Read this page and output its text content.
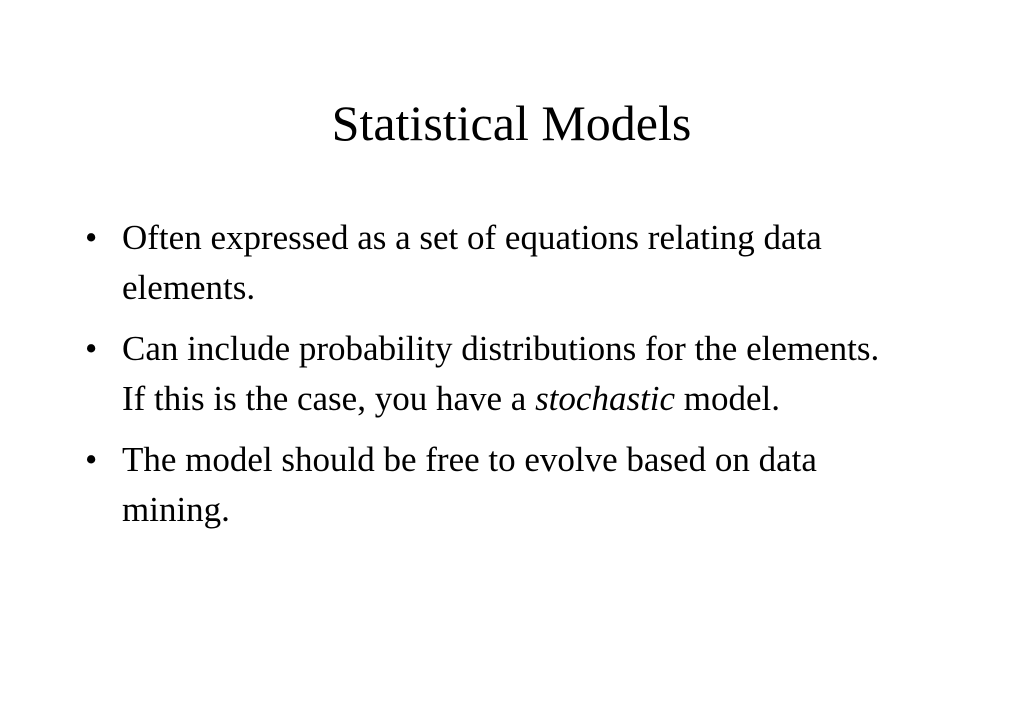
Statistical Models
• Often expressed as a set of equations relating data elements.
• Can include probability distributions for the elements. If this is the case, you have a stochastic model.
• The model should be free to evolve based on data mining.
